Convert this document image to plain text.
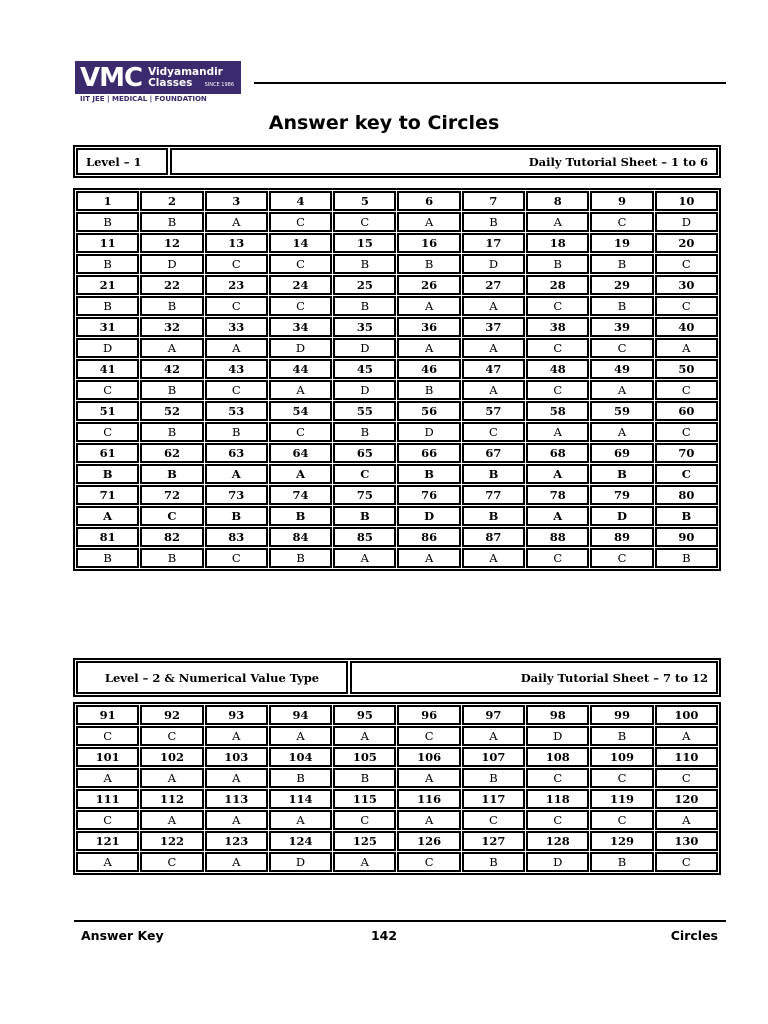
VMC Vidyamandir
Classes	SINCE 1986
IIT JEE | MEDICAL | FOUNDATION
Answer key to Circles
Level – 1	Daily Tutorial Sheet – 1 to 6
1	2	3	4	5	6	7	8	9	10
B	B	A	C	C	A	B	A	C	D
11	12	13	14	15	16	17	18	19	20
B	D	C	C	B	B	D	B	B	C
21	22	23	24	25	26	27	28	29	30
B	B	C	C	B	A	A	C	B	C
31	32	33	34	35	36	37	38	39	40
D	A	A	D	D	A	A	C	C	A
41	42	43	44	45	46	47	48	49	50
C	B	C	A	D	B	A	C	A	C
51	52	53	54	55	56	57	58	59	60
C	B	B	C	B	D	C	A	A	C
61	62	63	64	65	66	67	68	69	70
B	B	A	A	C	B	B	A	B	C
71	72	73	74	75	76	77	78	79	80
A	C	B	B	B	D	B	A	D	B
81	82	83	84	85	86	87	88	89	90
B	B	C	B	A	A	A	C	C	B
Level – 2 & Numerical Value Type	Daily Tutorial Sheet – 7 to 12
91	92	93	94	95	96	97	98	99	100
C	C	A	A	A	C	A	D	B	A
101	102	103	104	105	106	107	108	109	110
A	A	A	B	B	A	B	C	C	C
111	112	113	114	115	116	117	118	119	120
C	A	A	A	C	A	C	C	C	A
121	122	123	124	125	126	127	128	129	130
A	C	A	D	A	C	B	D	B	C
Answer Key	142	Circles
